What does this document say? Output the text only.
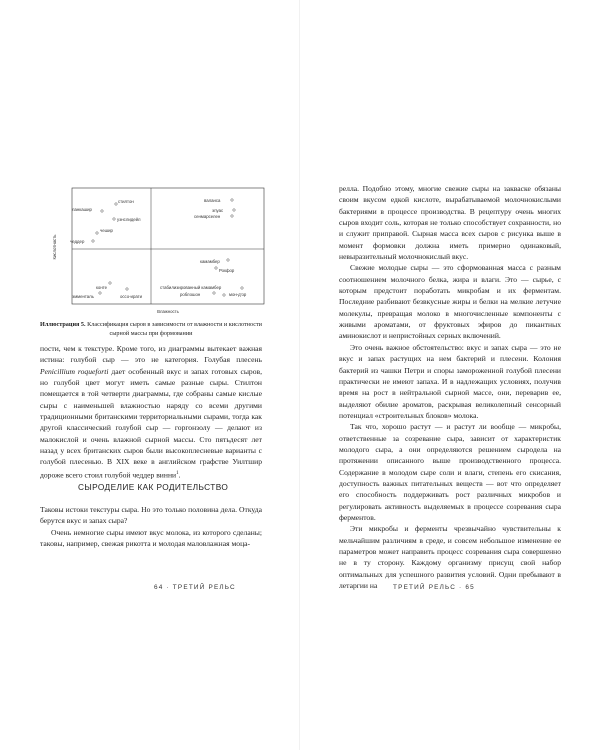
Кислотность
Влажность
стилтон
ланкашир
уэнслидейл
чешир
чеддер
валанса
эпуас
сенмарселен
камамбер
Рокфор
стабилизированный камамбер
роблошон	мон-д'ор
конте
эмменталь	оссо-ирати
Иллюстрация 5. Классификация сыров в зависимости от влажности и кислотности сырной массы при формовании

пости, чем к текстуре. Кроме того, из диаграммы вытекает важная истина: голубой сыр — это не категория. Голубая плесень Penicillium roqueforti дает особенный вкус и запах готовых сыров, но голубой цвет могут иметь самые разные сыры. Стилтон помещается в той четверти диаграммы, где собраны самые кислые сыры с наименьшей влажностью наряду со всеми другими традиционными британскими территориальными сырами, тогда как другой классический голубой сыр — горгонзолу — делают из малокислой и очень влажной сырной массы. Сто пятьдесят лет назад у всех британских сыров были высокоплесневые варианты с голубой плесенью. В XIX веке в английском графстве Уилтшир дороже всего стоил голубой чеддер винни$^1$.

СЫРОДЕЛИЕ КАК РОДИТЕЛЬСТВО

Таковы истоки текстуры сыра. Но это только половина дела. Откуда берутся вкус и запах сыра?

Очень немногие сыры имеют вкус молока, из которого сделаны; таковы, например, свежая рикотта и молодая маловлажная моца-

64 · ТРЕТИЙ РЕЛЬС

релла. Подобно этому, многие свежие сыры на закваске обязаны своим вкусом едкой кислоте, вырабатываемой молочнокислыми бактериями в процессе производства. В рецептуру очень многих сыров входит соль, которая не только способствует сохранности, но и служит приправой. Сырная масса всех сыров с рисунка выше в момент формовки должна иметь примерно одинаковый, невыразительный молочнокислый вкус.

Свежие молодые сыры — это сформованная масса с разным соотношением молочного белка, жира и влаги. Это — сырье, с которым предстоит поработать микробам и их ферментам. Последние разбивают безвкусные жиры и белки на мелкие летучие молекулы, превращая молоко в многочисленные компоненты с живыми ароматами, от фруктовых эфиров до пикантных аминокислот и непристойных серных включений.

Это очень важное обстоятельство: вкус и запах сыра — это не вкус и запах растущих на нем бактерий и плесени. Колония бактерий из чашки Петри и споры замороженной голубой плесени практически не имеют запаха. И в надлежащих условиях, получив время на рост в нейтральной сырной массе, они, переварив ее, выделяют обилие ароматов, раскрывая великолепный сенсорный потенциал «строительных блоков» молока.

Так что, хорошо растут — и растут ли вообще — микробы, ответственные за созревание сыра, зависит от характеристик молодого сыра, а они определяются решением сыродела на протяжении описанного выше производственного процесса. Содержание в молодом сыре соли и влаги, степень его скисания, доступность важных питательных веществ — вот что определяет его способность поддерживать рост различных микробов и регулировать активность выделяемых в процессе созревания сыра ферментов.

Эти микробы и ферменты чрезвычайно чувствительны к мельчайшим различиям в среде, и совсем небольшое изменение ее параметров может направить процесс созревания сыра совершенно не в ту сторону. Каждому организму присущ свой набор оптимальных для успешного развития условий. Одни пребывают в летаргии на	ТРЕТИЙ РЕЛЬС · 65
